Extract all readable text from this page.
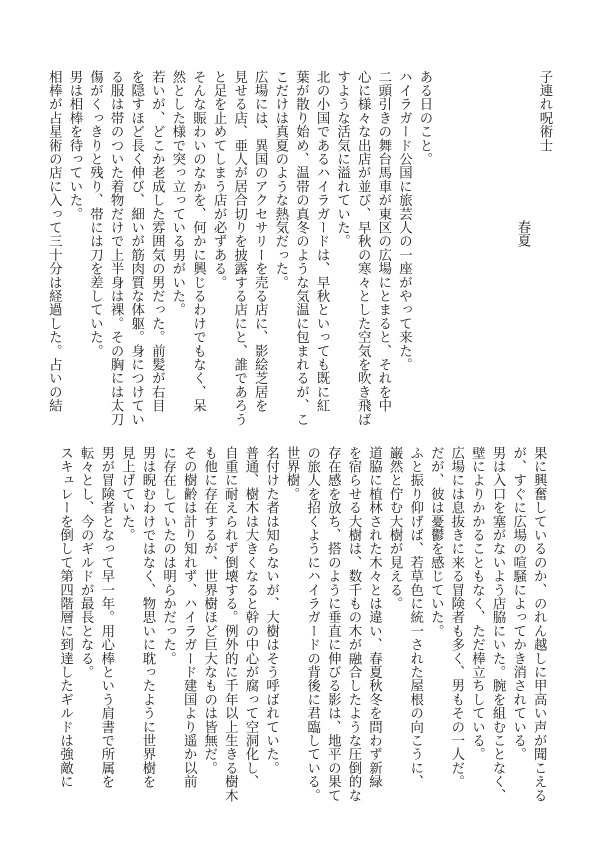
子連れ呪術士
春夏
ある日のこと。
ハイラガード公国に旅芸人の一座がやって来た。
二頭引きの舞台馬車が東区の広場にとまると、それを中
心に様々な出店が並び、早秋の寒々とした空気を吹き飛ば
すような活気に溢れていた。
北の小国であるハイラガードは、早秋といっても既に紅
葉が散り始め、温帯の真冬のような気温に包まれるが、こ
こだけは真夏のような熱気だった。
広場には、異国のアクセサリーを売る店に、影絵芝居を
見せる店、亜人が居合切りを披露する店にと、誰であろう
と足を止めてしまう店が必ずある。
そんな賑わいのなかを、何かに興じるわけでもなく、呆
然とした様で突っ立っている男がいた。
若いが、どこか老成した雰囲気の男だった。前髪が右目
を隠すほど長く伸び、細いが筋肉質な体躯。身につけてい
る服は帯のついた着物だけで上半身は裸。その胸には太刀
傷がくっきりと残り、帯には刀を差していた。
男は相棒を待っていた。
相棒が占星術の店に入って三十分は経過した。占いの結
果に興奮しているのか、のれん越しに甲高い声が聞こえる
が、すぐに広場の喧騒によってかき消されている。
男は入口を塞がないよう店脇にいた。腕を組むことなく、
壁によりかかることもなく、ただ棒立ちしている。
広場には息抜きに来る冒険者も多く、男もその一人だ。
だが、彼は憂鬱を感じていた。
ふと振り仰げば、若草色に統一された屋根の向こうに、
巌然と佇む大樹が見える。
道脇に植林された木々とは違い、春夏秋冬を問わず新緑
を宿らせる大樹は、数千もの木が融合したような圧倒的な
存在感を放ち、搭のように垂直に伸びる影は、地平の果て
の旅人を招くようにハイラガードの背後に君臨している。
世界樹。
名付けた者は知らないが、大樹はそう呼ばれていた。
普通、樹木は大きくなると幹の中心が腐って空洞化し、
自重に耐えられず倒壊する。例外的に千年以上生きる樹木
も他に存在するが、世界樹ほど巨大なものは皆無だ。
その樹齢は計り知れず、ハイラガード建国より遥か以前
に存在していたのは明らかだった。
男は睨むわけではなく、物思いに耽ったように世界樹を
見上げていた。
男が冒険者となって早一年。用心棒という肩書で所属を
転々とし、今のギルドが最長となる。
スキュレーを倒して第四階層に到達したギルドは強敵に
